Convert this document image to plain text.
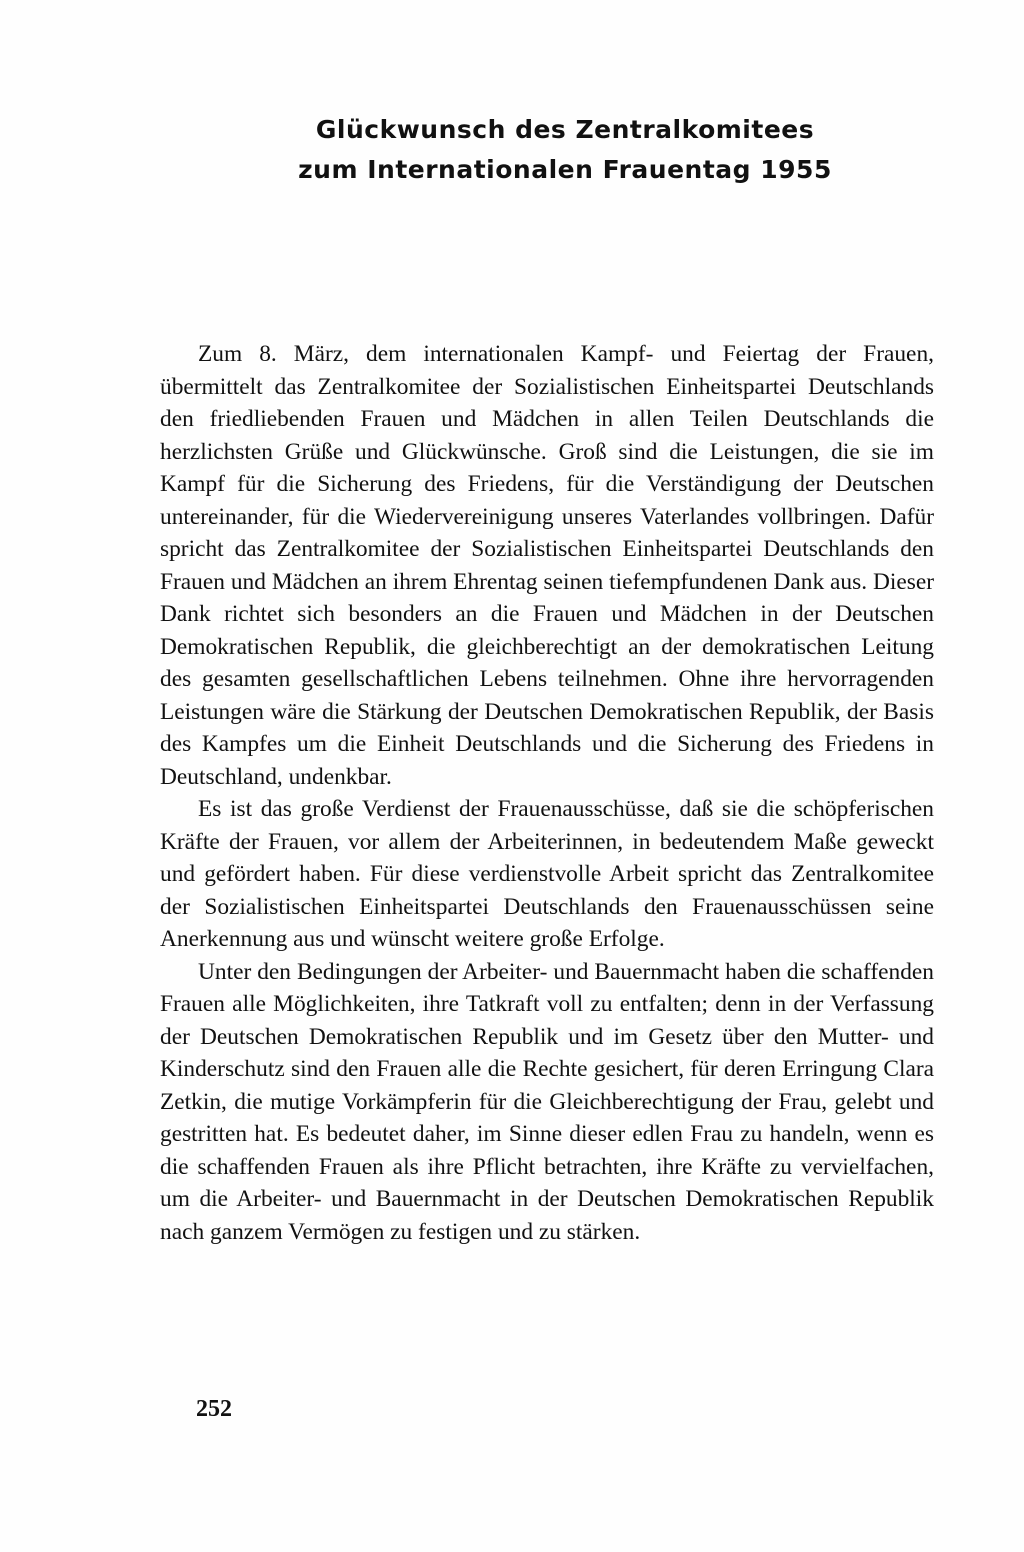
Glückwunsch des Zentralkomitees
zum Internationalen Frauentag 1955

Zum 8. März, dem internationalen Kampf- und Feiertag der Frauen, übermittelt das Zentralkomitee der Sozialistischen Einheitspartei Deutschlands den friedliebenden Frauen und Mädchen in allen Teilen Deutschlands die herzlichsten Grüße und Glückwünsche. Groß sind die Leistungen, die sie im Kampf für die Sicherung des Friedens, für die Verständigung der Deutschen untereinander, für die Wiedervereinigung unseres Vaterlandes vollbringen. Dafür spricht das Zentralkomitee der Sozialistischen Einheitspartei Deutschlands den Frauen und Mädchen an ihrem Ehrentag seinen tiefempfundenen Dank aus. Dieser Dank richtet sich besonders an die Frauen und Mädchen in der Deutschen Demokratischen Republik, die gleichberechtigt an der demokratischen Leitung des gesamten gesellschaftlichen Lebens teilnehmen. Ohne ihre hervorragenden Leistungen wäre die Stärkung der Deutschen Demokratischen Republik, der Basis des Kampfes um die Einheit Deutschlands und die Sicherung des Friedens in Deutschland, undenkbar.

Es ist das große Verdienst der Frauenausschüsse, daß sie die schöpferischen Kräfte der Frauen, vor allem der Arbeiterinnen, in bedeutendem Maße geweckt und gefördert haben. Für diese verdienstvolle Arbeit spricht das Zentralkomitee der Sozialistischen Einheitspartei Deutschlands den Frauenausschüssen seine Anerkennung aus und wünscht weitere große Erfolge.

Unter den Bedingungen der Arbeiter- und Bauernmacht haben die schaffenden Frauen alle Möglichkeiten, ihre Tatkraft voll zu entfalten; denn in der Verfassung der Deutschen Demokratischen Republik und im Gesetz über den Mutter- und Kinderschutz sind den Frauen alle die Rechte gesichert, für deren Erringung Clara Zetkin, die mutige Vorkämpferin für die Gleichberechtigung der Frau, gelebt und gestritten hat. Es bedeutet daher, im Sinne dieser edlen Frau zu handeln, wenn es die schaffenden Frauen als ihre Pflicht betrachten, ihre Kräfte zu vervielfachen, um die Arbeiter- und Bauernmacht in der Deutschen Demokratischen Republik nach ganzem Vermögen zu festigen und zu stärken.

252
